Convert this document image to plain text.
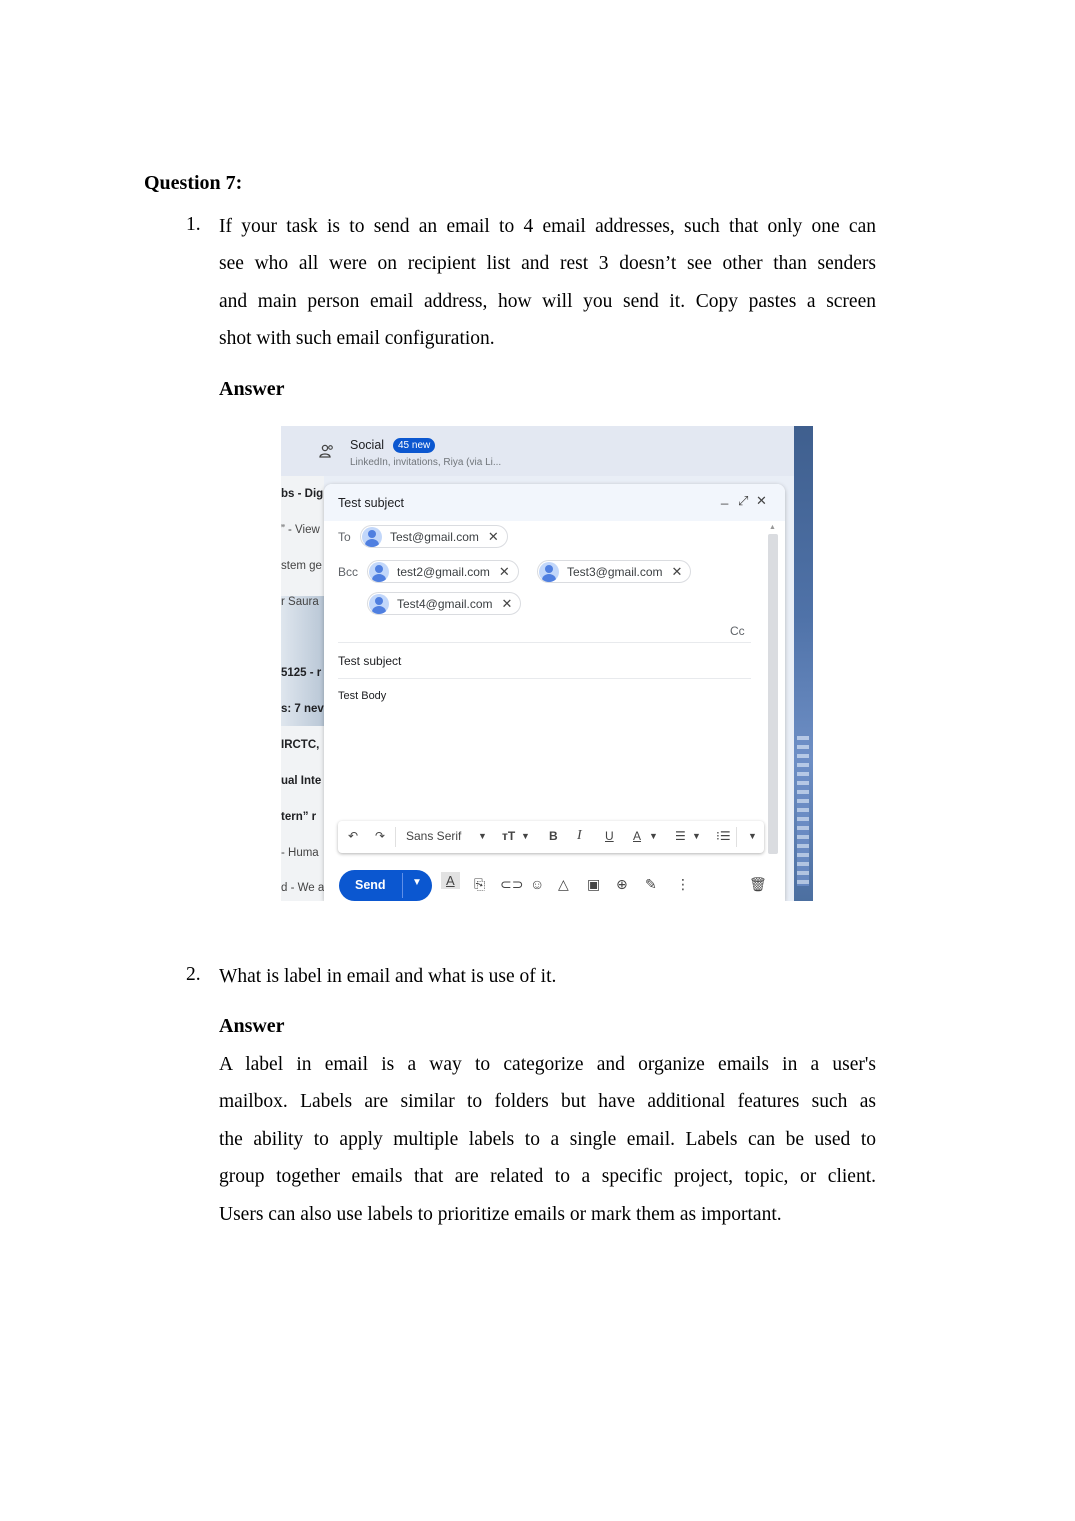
Question 7:
1. If your task is to send an email to 4 email addresses, such that only one can
see who all were on recipient list and rest 3 doesn’t see other than senders
and main person email address, how will you send it. Copy pastes a screen
shot with such email configuration.
Answer
Social	45 new
LinkedIn, invitations, Riya (via Li...
bs - Dig
” - View
stem ge
r Saura
5125 - r
s: 7 nev
IRCTC,
ual Inte
tern” r
- Huma
d - We a
Test subject	_ ⤢ ✕
▲
To	Test@gmail.com ✕
Bcc	test2@gmail.com ✕	Test3@gmail.com ✕
Test4@gmail.com ✕
Cc
Test subject
Test Body
↶ ↷ Sans Serif ▼ тT ▼ B I U A ▼ ☰ ▼ ⁝☰ ▼
Send	▼	A	⎘ ⊂⊃ ☺ △ ▣ ⊕ ✎ ⋮	🗑
2. What is label in email and what is use of it.
Answer
A label in email is a way to categorize and organize emails in a user's
mailbox. Labels are similar to folders but have additional features such as
the ability to apply multiple labels to a single email. Labels can be used to
group together emails that are related to a specific project, topic, or client.
Users can also use labels to prioritize emails or mark them as important.
